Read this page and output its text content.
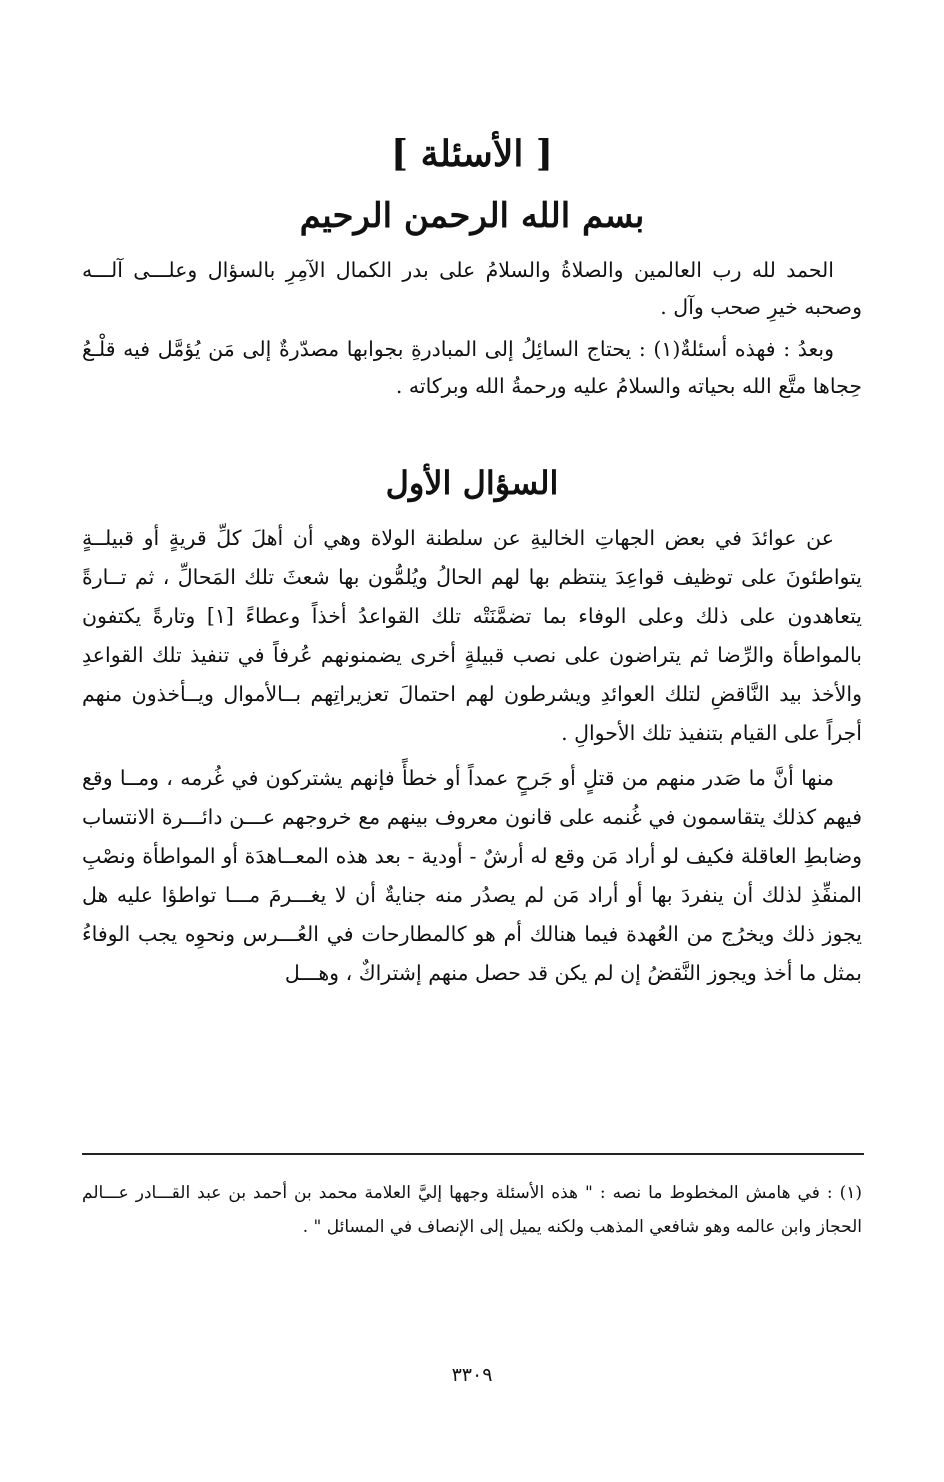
[ الأسئلة ]
بسم الله الرحمن الرحيم

الحمد لله رب العالمين والصلاةُ والسلامُ على بدر الكمال الآمِرِ بالسؤال وعلـــى آلـــه وصحبه خيرِ صحب وآل .

وبعدُ : فهذه أسئلةٌ(١) : يحتاج السائِلُ إلى المبادرةِ بجوابها مصدّرةٌ إلى مَن يُؤمَّل فيه قلْـعُ حِجاها متَّع الله بحياته والسلامُ عليه ورحمةُ الله وبركاته .

السؤال الأول

عن عوائدَ في بعض الجهاتِ الخاليةِ عن سلطنة الولاة وهي أن أهلَ كلِّ قريةٍ أو قبيلــةٍ يتواطئونَ على توظيف قواعِدَ ينتظم بها لهم الحالُ ويُلمُّون بها شعثَ تلك المَحالِّ ، ثم تــارةً يتعاهدون على ذلك وعلى الوفاء بما تضمَّنَتْه تلك القواعدُ أخذاً وعطاءً [١] وتارةً يكتفون بالمواطأة والرِّضا ثم يتراضون على نصب قبيلةٍ أخرى يضمنونهم عُرفاً في تنفيذ تلك القواعدِ والأخذ بيد النَّاقضِ لتلك العوائدِ ويشرطون لهم احتمالَ تعزيراتِهم بــالأموال ويــأخذون منهم أجراً على القيام بتنفيذ تلك الأحوالِ .

منها أنَّ ما صَدر منهم من قتلٍ أو جَرحٍ عمداً أو خطأً فإنهم يشتركون في غُرمه ، ومــا وقع فيهم كذلك يتقاسمون في غُنمه على قانون معروف بينهم مع خروجهم عـــن دائـــرة الانتساب وضابطِ العاقلة فكيف لو أراد مَن وقع له أرشٌ - أودية - بعد هذه المعــاهدَة أو المواطأة ونصْبِ المنفِّذِ لذلك أن ينفردَ بها أو أراد مَن لم يصدُر منه جنايةٌ أن لا يغـــرمَ مـــا تواطؤا عليه هل يجوز ذلك ويخرُج من العُهدة فيما هنالك أم هو كالمطارحات في العُـــرس ونحوِه يجب الوفاءُ بمثل ما أخذ ويجوز النَّقضُ إن لم يكن قد حصل منهم إشتراكٌ ، وهـــل

(١) : في هامش المخطوط ما نصه : " هذه الأسئلة وجهها إليَّ العلامة محمد بن أحمد بن عبد القـــادر عـــالم الحجاز وابن عالمه وهو شافعي المذهب ولكنه يميل إلى الإنصاف في المسائل " .

٣٣٠٩
